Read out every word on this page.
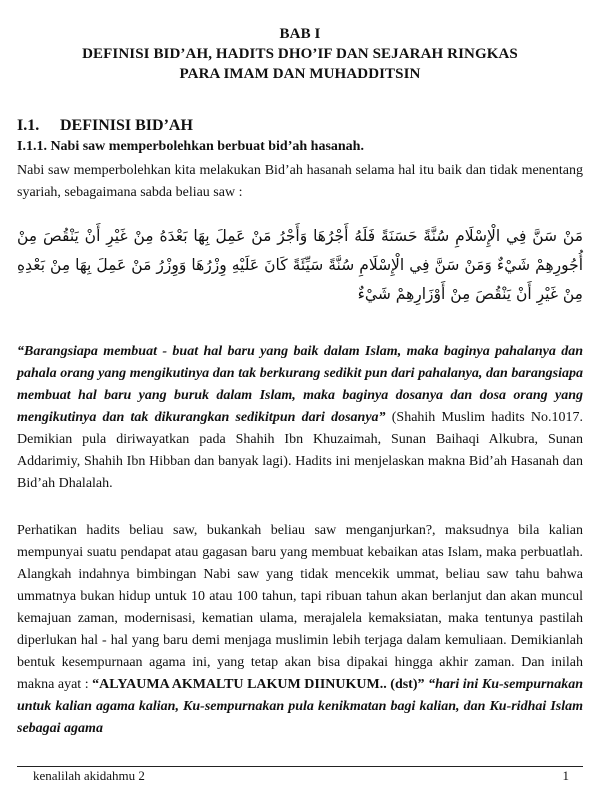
BAB I
DEFINISI BID’AH, HADITS DHO’IF DAN SEJARAH RINGKAS
PARA IMAM DAN MUHADDITSIN
I.1. DEFINISI BID’AH
I.1.1. Nabi saw memperbolehkan berbuat bid’ah hasanah.
Nabi saw memperbolehkan kita melakukan Bid’ah hasanah selama hal itu baik dan tidak menentang syariah, sebagaimana sabda beliau saw :
مَنْ سَنَّ فِي الْإِسْلَامِ سُنَّةً حَسَنَةً فَلَهُ أَجْرُهَا وَأَجْرُ مَنْ عَمِلَ بِهَا بَعْدَهُ مِنْ غَيْرِ أَنْ يَنْقُصَ مِنْ أُجُورِهِمْ شَيْءٌ وَمَنْ سَنَّ فِي الْإِسْلَامِ سُنَّةً سَيِّئَةً كَانَ عَلَيْهِ وِزْرُهَا وَوِزْرُ مَنْ عَمِلَ بِهَا مِنْ بَعْدِهِ مِنْ غَيْرِ أَنْ يَنْقُصَ مِنْ أَوْزَارِهِمْ شَيْءٌ
“Barangsiapa membuat - buat hal baru yang baik dalam Islam, maka baginya pahalanya dan pahala orang yang mengikutinya dan tak berkurang sedikit pun dari pahalanya, dan barangsiapa membuat hal baru yang buruk dalam Islam, maka baginya dosanya dan dosa orang yang mengikutinya dan tak dikurangkan sedikitpun dari dosanya” (Shahih Muslim hadits No.1017. Demikian pula diriwayatkan pada Shahih Ibn Khuzaimah, Sunan Baihaqi Alkubra, Sunan Addarimiy, Shahih Ibn Hibban dan banyak lagi). Hadits ini menjelaskan makna Bid’ah Hasanah dan Bid’ah Dhalalah.
Perhatikan hadits beliau saw, bukankah beliau saw menganjurkan?, maksudnya bila kalian mempunyai suatu pendapat atau gagasan baru yang membuat kebaikan atas Islam, maka perbuatlah. Alangkah indahnya bimbingan Nabi saw yang tidak mencekik ummat, beliau saw tahu bahwa ummatnya bukan hidup untuk 10 atau 100 tahun, tapi ribuan tahun akan berlanjut dan akan muncul kemajuan zaman, modernisasi, kematian ulama, merajalela kemaksiatan, maka tentunya pastilah diperlukan hal - hal yang baru demi menjaga muslimin lebih terjaga dalam kemuliaan. Demikianlah bentuk kesempurnaan agama ini, yang tetap akan bisa dipakai hingga akhir zaman. Dan inilah makna ayat : “ALYAUMA AKMALTU LAKUM DIINUKUM.. (dst)” “hari ini Ku-sempurnakan untuk kalian agama kalian, Ku-sempurnakan pula kenikmatan bagi kalian, dan Ku-ridhai Islam sebagai agama
kenalilah akidahmu 2	1
